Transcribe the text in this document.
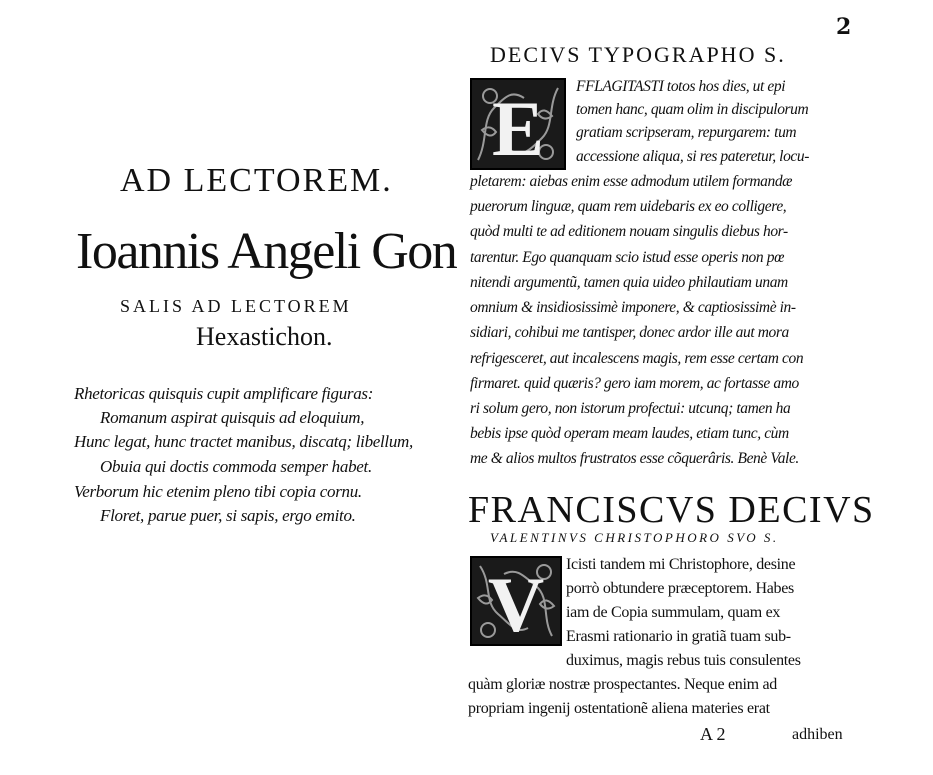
AD LECTOREM.
Ioannis Angeli Gon
SALIS AD LECTOREM
Hexastichon.
Rhetoricas quisquis cupit amplificare figuras:
Romanum aspirat quisquis ad eloquium,
Hunc legat, hunc tractet manibus, discatq; libellum,
Obuia qui doctis commoda semper habet.
Verborum hic etenim pleno tibi copia cornu.
Floret, parue puer, si sapis, ergo emito.
2
DECIVS TYPOGRAPHO S.
E	FFLAGITASTI totos hos dies, ut epi
tomen hanc, quam olim in discipulorum
gratiam scripseram, repurgarem: tum
accessione aliqua, si res pateretur, locu-
pletarem: aiebas enim esse admodum utilem formandæ
puerorum linguæ, quam rem uidebaris ex eo colligere,
quòd multi te ad editionem nouam singulis diebus hor-
tarentur. Ego quanquam scio istud esse operis non pœ
nitendi argumentũ, tamen quia uideo philautiam unam
omnium & insidiosissimè imponere, & captiosissimè in-
sidiari, cohibui me tantisper, donec ardor ille aut mora
refrigesceret, aut incalescens magis, rem esse certam con
firmaret. quid quæris? gero iam morem, ac fortasse amo
ri solum gero, non istorum profectui: utcunq; tamen ha
bebis ipse quòd operam meam laudes, etiam tunc, cùm
me & alios multos frustratos esse cõquerâris. Benè Vale.
FRANCISCVS DECIVS
VALENTINVS CHRISTOPHORO SVO S.
V	Icisti tandem mi Christophore, desine
porrò obtundere præceptorem. Habes
iam de Copia summulam, quam ex
Erasmi rationario in gratiã tuam sub-
duximus, magis rebus tuis consulentes
quàm gloriæ nostræ prospectantes. Neque enim ad
propriam ingenij ostentationẽ aliena materies erat
A 2	adhiben
